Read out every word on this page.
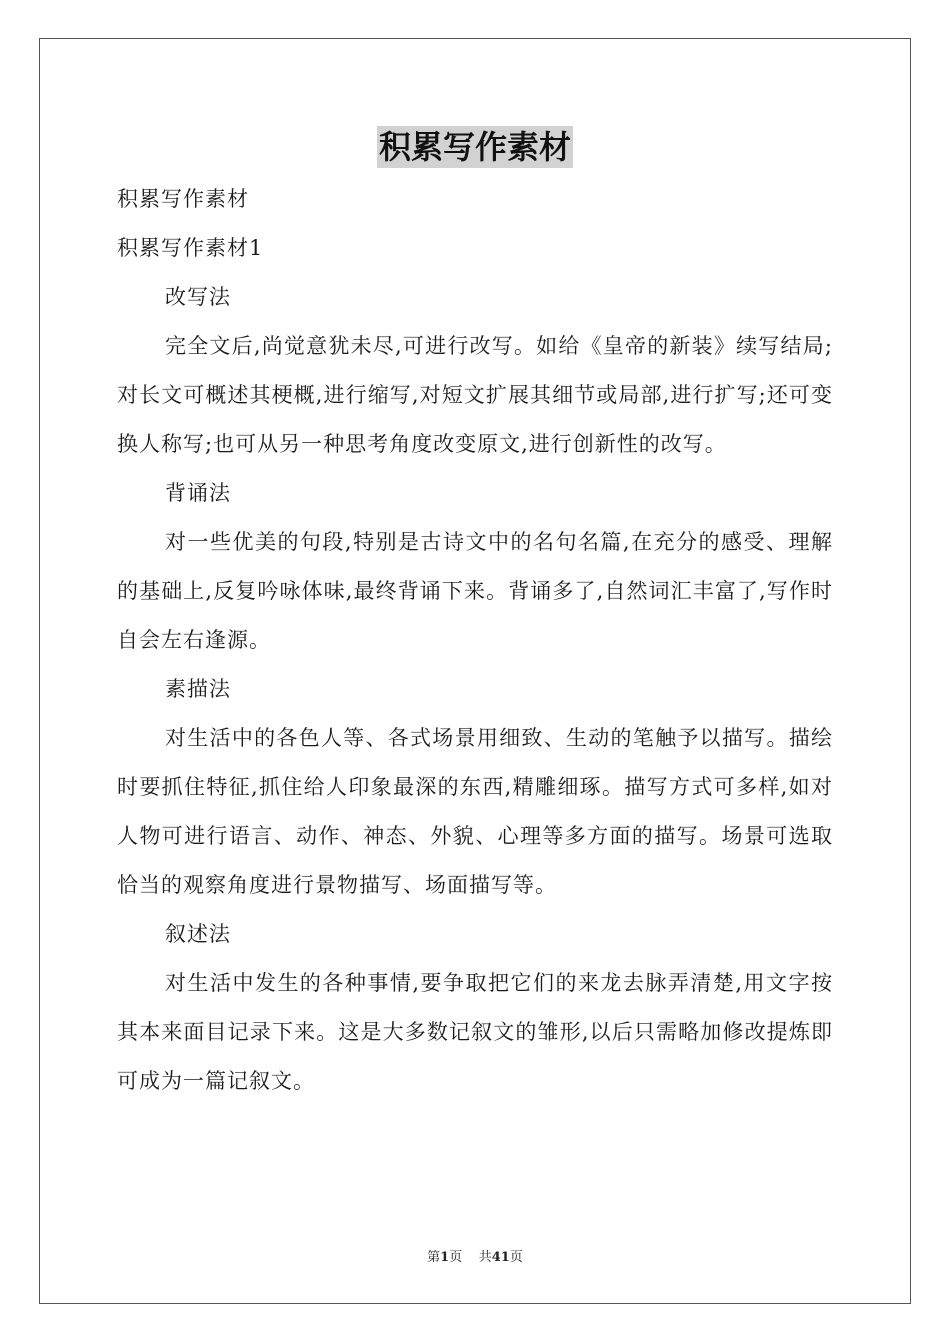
积累写作素材

积累写作素材

积累写作素材1

改写法

完全文后,尚觉意犹未尽,可进行改写。如给《皇帝的新装》续写结局;对长文可概述其梗概,进行缩写,对短文扩展其细节或局部,进行扩写;还可变换人称写;也可从另一种思考角度改变原文,进行创新性的改写。

背诵法

对一些优美的句段,特别是古诗文中的名句名篇,在充分的感受、理解的基础上,反复吟咏体味,最终背诵下来。背诵多了,自然词汇丰富了,写作时自会左右逢源。

素描法

对生活中的各色人等、各式场景用细致、生动的笔触予以描写。描绘时要抓住特征,抓住给人印象最深的东西,精雕细琢。描写方式可多样,如对人物可进行语言、动作、神态、外貌、心理等多方面的描写。场景可选取恰当的观察角度进行景物描写、场面描写等。

叙述法

对生活中发生的各种事情,要争取把它们的来龙去脉弄清楚,用文字按其本来面目记录下来。这是大多数记叙文的雏形,以后只需略加修改提炼即可成为一篇记叙文。

第1页 共41页
